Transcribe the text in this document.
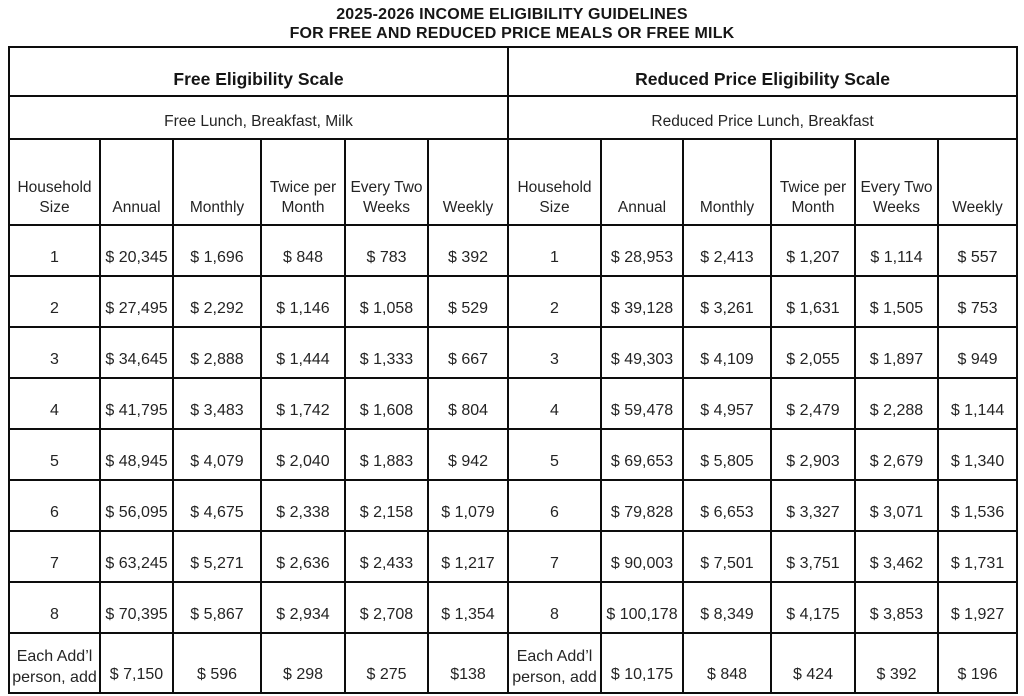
2025-2026 INCOME ELIGIBILITY GUIDELINES
FOR FREE AND REDUCED PRICE MEALS OR FREE MILK
Free Eligibility Scale						Reduced Price Eligibility Scale					
Free Lunch, Breakfast, Milk						Reduced Price Lunch, Breakfast					
Household Size	Annual	Monthly	Twice per Month	Every Two Weeks	Weekly	Household Size	Annual	Monthly	Twice per Month	Every Two Weeks	Weekly
1	$ 20,345	$ 1,696	$ 848	$ 783	$ 392	1	$ 28,953	$ 2,413	$ 1,207	$ 1,114	$ 557
2	$ 27,495	$ 2,292	$ 1,146	$ 1,058	$ 529	2	$ 39,128	$ 3,261	$ 1,631	$ 1,505	$ 753
3	$ 34,645	$ 2,888	$ 1,444	$ 1,333	$ 667	3	$ 49,303	$ 4,109	$ 2,055	$ 1,897	$ 949
4	$ 41,795	$ 3,483	$ 1,742	$ 1,608	$ 804	4	$ 59,478	$ 4,957	$ 2,479	$ 2,288	$ 1,144
5	$ 48,945	$ 4,079	$ 2,040	$ 1,883	$ 942	5	$ 69,653	$ 5,805	$ 2,903	$ 2,679	$ 1,340
6	$ 56,095	$ 4,675	$ 2,338	$ 2,158	$ 1,079	6	$ 79,828	$ 6,653	$ 3,327	$ 3,071	$ 1,536
7	$ 63,245	$ 5,271	$ 2,636	$ 2,433	$ 1,217	7	$ 90,003	$ 7,501	$ 3,751	$ 3,462	$ 1,731
8	$ 70,395	$ 5,867	$ 2,934	$ 2,708	$ 1,354	8	$ 100,178	$ 8,349	$ 4,175	$ 3,853	$ 1,927
Each Add’l person, add	$ 7,150	$ 596	$ 298	$ 275	$138	Each Add’l person, add	$ 10,175	$ 848	$ 424	$ 392	$ 196
